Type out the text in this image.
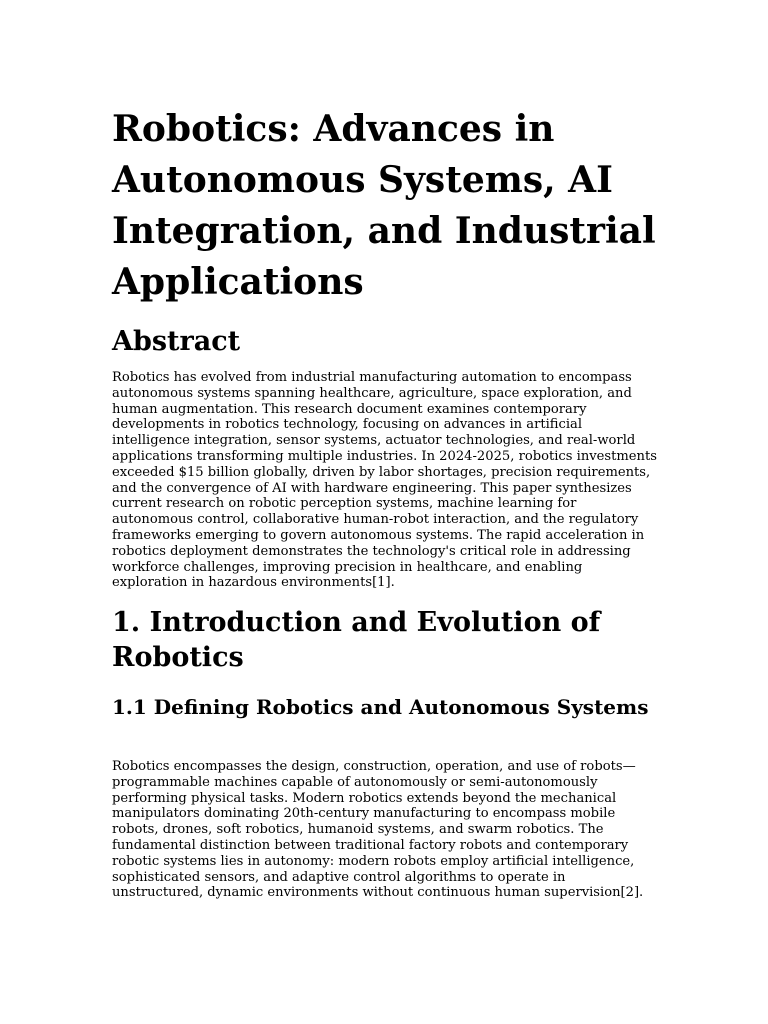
Robotics: Advances in Autonomous Systems, AI Integration, and Industrial Applications
Abstract

Robotics has evolved from industrial manufacturing automation to encompass autonomous systems spanning healthcare, agriculture, space exploration, and human augmentation. This research document examines contemporary developments in robotics technology, focusing on advances in artificial intelligence integration, sensor systems, actuator technologies, and real-world applications transforming multiple industries. In 2024-2025, robotics investments exceeded $15 billion globally, driven by labor shortages, precision requirements, and the convergence of AI with hardware engineering. This paper synthesizes current research on robotic perception systems, machine learning for autonomous control, collaborative human-robot interaction, and the regulatory frameworks emerging to govern autonomous systems. The rapid acceleration in robotics deployment demonstrates the technology's critical role in addressing workforce challenges, improving precision in healthcare, and enabling exploration in hazardous environments[1].

1. Introduction and Evolution of Robotics
1.1 Defining Robotics and Autonomous Systems

Robotics encompasses the design, construction, operation, and use of robots—programmable machines capable of autonomously or semi-autonomously performing physical tasks. Modern robotics extends beyond the mechanical manipulators dominating 20th-century manufacturing to encompass mobile robots, drones, soft robotics, humanoid systems, and swarm robotics. The fundamental distinction between traditional factory robots and contemporary robotic systems lies in autonomy: modern robots employ artificial intelligence, sophisticated sensors, and adaptive control algorithms to operate in unstructured, dynamic environments without continuous human supervision[2].
